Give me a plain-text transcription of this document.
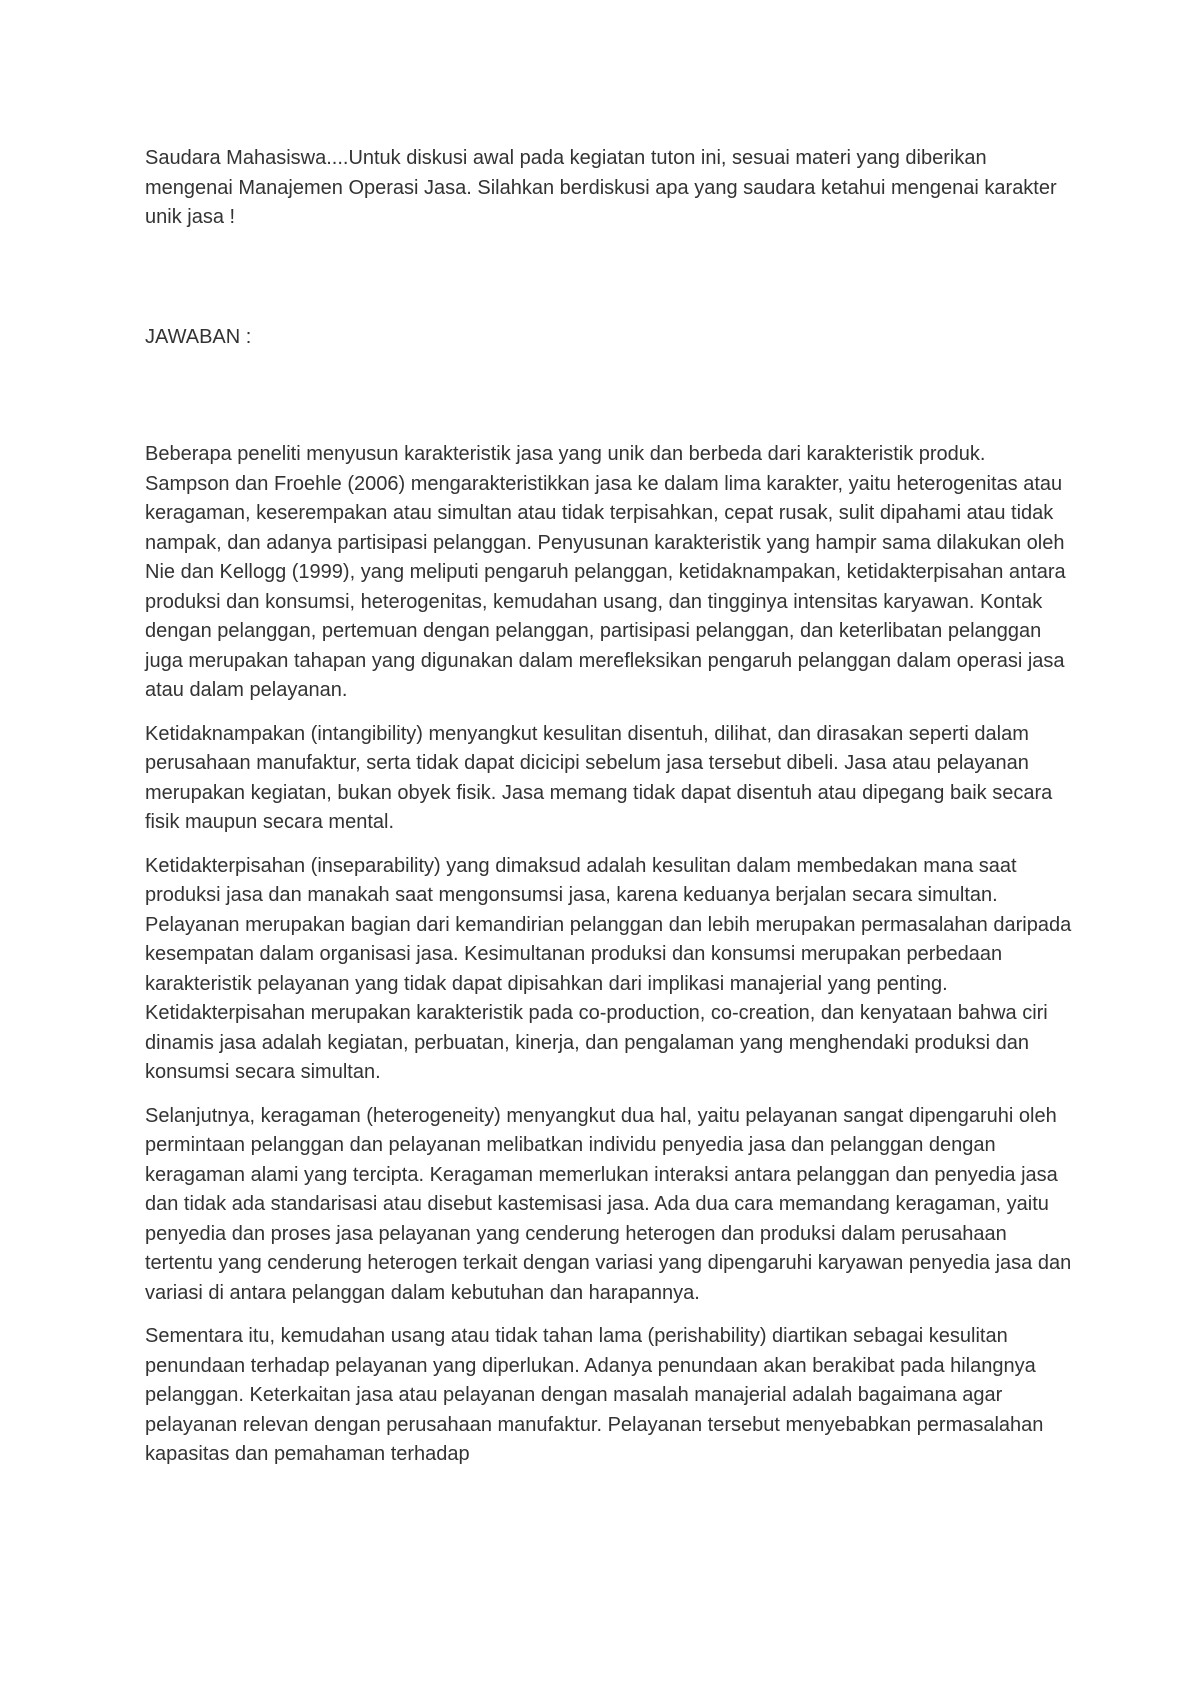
Saudara Mahasiswa....Untuk diskusi awal pada kegiatan tuton ini, sesuai materi yang diberikan mengenai Manajemen Operasi Jasa. Silahkan berdiskusi apa yang saudara ketahui mengenai karakter unik jasa !

JAWABAN :

Beberapa peneliti menyusun karakteristik jasa yang unik dan berbeda dari karakteristik produk. Sampson dan Froehle (2006) mengarakteristikkan jasa ke dalam lima karakter, yaitu heterogenitas atau keragaman, keserempakan atau simultan atau tidak terpisahkan, cepat rusak, sulit dipahami atau tidak nampak, dan adanya partisipasi pelanggan. Penyusunan karakteristik yang hampir sama dilakukan oleh Nie dan Kellogg (1999), yang meliputi pengaruh pelanggan, ketidaknampakan, ketidakterpisahan antara produksi dan konsumsi, heterogenitas, kemudahan usang, dan tingginya intensitas karyawan. Kontak dengan pelanggan, pertemuan dengan pelanggan, partisipasi pelanggan, dan keterlibatan pelanggan juga merupakan tahapan yang digunakan dalam merefleksikan pengaruh pelanggan dalam operasi jasa atau dalam pelayanan.

Ketidaknampakan (intangibility) menyangkut kesulitan disentuh, dilihat, dan dirasakan seperti dalam perusahaan manufaktur, serta tidak dapat dicicipi sebelum jasa tersebut dibeli. Jasa atau pelayanan merupakan kegiatan, bukan obyek fisik. Jasa memang tidak dapat disentuh atau dipegang baik secara fisik maupun secara mental.

Ketidakterpisahan (inseparability) yang dimaksud adalah kesulitan dalam membedakan mana saat produksi jasa dan manakah saat mengonsumsi jasa, karena keduanya berjalan secara simultan. Pelayanan merupakan bagian dari kemandirian pelanggan dan lebih merupakan permasalahan daripada kesempatan dalam organisasi jasa. Kesimultanan produksi dan konsumsi merupakan perbedaan karakteristik pelayanan yang tidak dapat dipisahkan dari implikasi manajerial yang penting. Ketidakterpisahan merupakan karakteristik pada co-production, co-creation, dan kenyataan bahwa ciri dinamis jasa adalah kegiatan, perbuatan, kinerja, dan pengalaman yang menghendaki produksi dan konsumsi secara simultan.

Selanjutnya, keragaman (heterogeneity) menyangkut dua hal, yaitu pelayanan sangat dipengaruhi oleh permintaan pelanggan dan pelayanan melibatkan individu penyedia jasa dan pelanggan dengan keragaman alami yang tercipta. Keragaman memerlukan interaksi antara pelanggan dan penyedia jasa dan tidak ada standarisasi atau disebut kastemisasi jasa. Ada dua cara memandang keragaman, yaitu penyedia dan proses jasa pelayanan yang cenderung heterogen dan produksi dalam perusahaan tertentu yang cenderung heterogen terkait dengan variasi yang dipengaruhi karyawan penyedia jasa dan variasi di antara pelanggan dalam kebutuhan dan harapannya.

Sementara itu, kemudahan usang atau tidak tahan lama (perishability) diartikan sebagai kesulitan penundaan terhadap pelayanan yang diperlukan. Adanya penundaan akan berakibat pada hilangnya pelanggan. Keterkaitan jasa atau pelayanan dengan masalah manajerial adalah bagaimana agar pelayanan relevan dengan perusahaan manufaktur. Pelayanan tersebut menyebabkan permasalahan kapasitas dan pemahaman terhadap
